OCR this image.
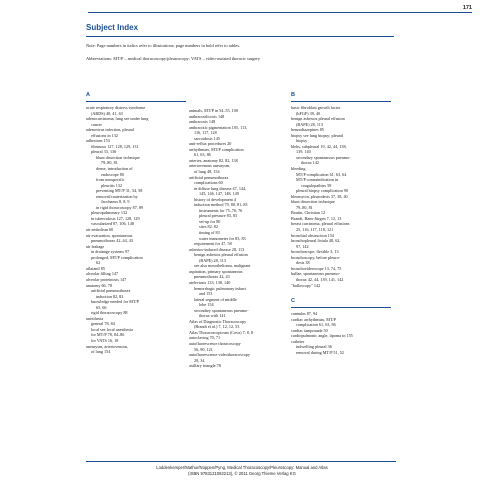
171
Subject Index
Note: Page numbers in italics refer to illustrations; page numbers in bold refer to tables.
Abbreviations: MT/P – medical thoracoscopy/pleuroscopy; VATS – video-assisted thoracic surgery
A
acute respiratory distress syndrome
(ARDS) 40, 41, 63
adenocarcinoma, lung see under lung
cancer
adenovirus infection, pleural
effusions in 132
adhesions 153
fibrinous 127, 128, 129, 131
pleural 33, 136
blunt dissection technique
79–80, 81
dense, introduction of
endoscope 80
from nonspecific
pleuritis 132
preventing MT/P 31, 34, 58
removal/cauterization by
Jacobaeus 8, 8, 9
in rigid thoracoscopy 87, 89
pleuropulmonary 132
in tuberculosis 127, 128, 129
vascularized 87, 106, 148
air embolism 60
air evacuation, spontaneous
pneumothorax 42–44, 43
air leakage
in drainage systems 97
prolonged, MT/P complication
62
aflatanil 85
alveolar filling 147
alveolar proteinosis 147
anatomy 66, 78
artificial pneumothorax
induction 82, 82
knowledge needed for MT/P
65, 66
rigid thoracoscopy 88
anesthesia
general 78, 84
local see local anesthesia
for MT/P 78, 84–86
for VATS 16, 18
aneurysm, arteriovenous,
of lung 154
animals, MT/P in 54–55, 100
anthracosilicosis 148
anthracosis 148
anthracotic pigmentation 105, 113,
116, 117, 128
sarcoidosis 145
anti-reflux procedures 20
arrhythmias, MT/P complication
61, 63, 86
arteries, anatomy 82, 82, 138
arteriovenous aneurysm,
of lung 48, 154
artificial pneumothorax
complications 60
in diffuse lung disease 47, 144,
145, 146, 147, 148, 149
history of development 4
induction method 79, 80, 81–83
instruments for 75–76, 76
pleural pressure 83, 83
set-up for 80
sites 82, 82
timing of 83
water manometer for 83, 83
requirement for 47, 58
asbestos-induced disease 28, 113
benign asbestos pleural effusion
(BAPE) 28, 113
see also mesothelioma, malignant
aspiration, primary spontaneous
pneumothorax 42, 43
atelectasis 133, 138, 140
hemorrhagic pulmonary infarct
and 153
lateral segment of middle
lobe 154
secondary spontaneous pneumo-
thorax with 141
Atlas of Diagnostic Thoracoscopy
(Brandt et al.) 7, 12, 12, 53
Atlas Thoracoscopicum (Cova) 7, 8, 8
autoclaving 70, 71
autofluorescence thoracoscopy
56, 90, 121
autofluorescence videothoracoscopy
29, 34
axillary triangle 78
B
basic fibroblast growth factor
(bFGF) 39, 40
benign asbestos pleural effusion
(BAPE) 28, 113
benzodiazepines 85
biopsy see lung biopsy; pleural
biopsy
blebs, subpleural 19, 42, 44, 138,
139, 140
secondary spontaneous pneumo-
thorax 142
bleeding
MT/P complication 61, 63, 64
MT/P contraindication in
coagulopathies 58
pleural biopsy complication 90
bleomycin, pleurodesis 37, 38, 40
blunt dissection technique
79–80, 81
Boutin, Christian 12
Brandt, Hans-Jürgen 7, 12, 13
breast carcinoma, pleural effusions
25, 116, 117, 118, 121
bronchial obstruction 154
bronchopleural fistula 48, 62,
97, 142
bronchoscope, flexible 3, 13
bronchoscopy, before pleuro-
desis 38
bronchovideoscope 13, 74, 75
bullae, spontaneous pneumo-
thorax 42, 44, 139, 141, 142
"bulloscopy" 142
C
cannulas 87, 94
cardiac arrhythmias, MT/P
complication 61, 63, 86
cardiac tamponade 50
cardiopulmonic angle, lipoma in 155
catheter
indwelling pleural 36
removal during MT/P 51, 52
Loddenkemper/Mathur/Noppen/Pyng, Medical Thoracoscopy/Pleuroscopy: Manual and Atlas
(ISBN 9783131082213), © 2011 Georg Thieme Verlag KG
